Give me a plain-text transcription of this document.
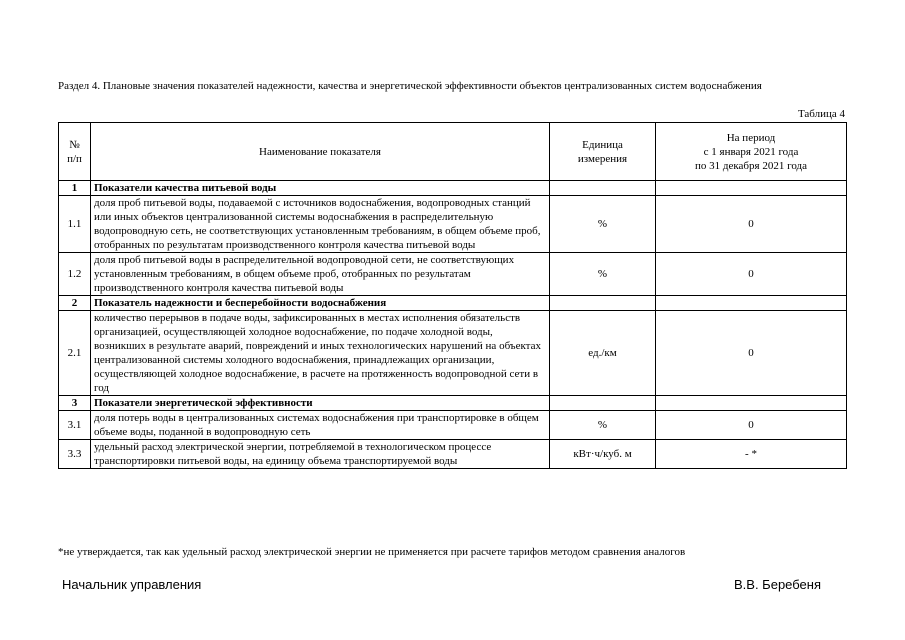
Раздел 4. Плановые значения показателей надежности, качества и энергетической эффективности объектов централизованных систем водоснабжения
Таблица 4
№ п/п	Наименование показателя	Единица измерения	На период
с 1 января 2021 года
по 31 декабря 2021 года

1	Показатели качества питьевой воды		
1.1	доля проб питьевой воды, подаваемой с источников водоснабжения, водопроводных станций или иных объектов централизованной системы водоснабжения в распределительную водопроводную сеть, не соответствующих установленным требованиям, в общем объеме проб, отобранных по результатам производственного контроля качества питьевой воды	%	0
1.2	доля проб питьевой воды в распределительной водопроводной сети, не соответствующих установленным требованиям, в общем объеме проб, отобранных по результатам производственного контроля качества питьевой воды	%	0
2	Показатель надежности и бесперебойности водоснабжения		
2.1	количество перерывов в подаче воды, зафиксированных в местах исполнения обязательств организацией, осуществляющей холодное водоснабжение, по подаче холодной воды, возникших в результате аварий, повреждений и иных технологических нарушений на объектах централизованной системы холодного водоснабжения, принадлежащих организации, осуществляющей холодное водоснабжение, в расчете на протяженность водопроводной сети в год	ед./км	0
3	Показатели энергетической эффективности		
3.1	доля потерь воды в централизованных системах водоснабжения при транспортировке в общем объеме воды, поданной в водопроводную сеть	%	0
3.3	удельный расход электрической энергии, потребляемой в технологическом процессе транспортировки питьевой воды, на единицу объема транспортируемой воды	кВт·ч/куб. м	- *
*не утверждается, так как удельный расход электрической энергии не применяется при расчете тарифов методом сравнения аналогов
Начальник управления	В.В. Беребеня
